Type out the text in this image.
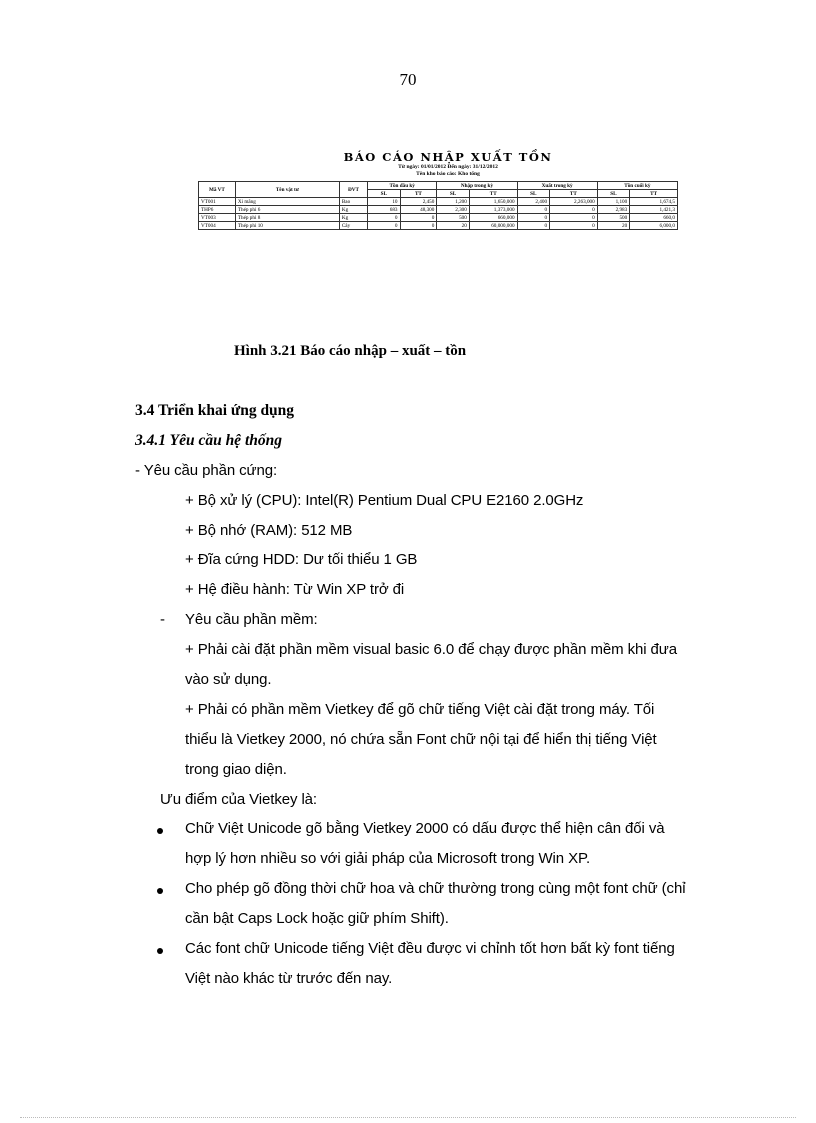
70
BÁO CÁO NHẬP XUẤT TỒN
Từ ngày: 01/01/2012 Đến ngày: 31/12/2012
Tên kho báo cáo: Kho tổng
Mã VT	Tên vật tư	ĐVT	Tồn đầu kỳ		Nhập trong kỳ		Xuất trong kỳ		Tồn cuối kỳ	
			SL	TT	SL	TT	SL	TT	SL	TT
VT001	Xi măng	Bao	10	2,450	1,200	1,650,000	2,400	2,263,000	1,100	1,674,5
THP6	Thép phi 6	Kg	683	48,300	2,300	1,373,000	0	0	2,983	1,421,3
VT003	Thép phi 8	Kg	0	0	500	660,000	0	0	500	660,0
VT004	Thép phi 10	Cây	0	0	20	60,000,000	0	0	20	6,000,0
Hình 3.21 Báo cáo nhập – xuất – tồn
3.4 Triển khai ứng dụng
3.4.1 Yêu cầu hệ thống
- Yêu cầu phần cứng:
+ Bộ xử lý (CPU): Intel(R) Pentium Dual CPU E2160 2.0GHz
+ Bộ nhớ (RAM): 512 MB
+ Đĩa cứng HDD: Dư tối thiểu 1 GB
+ Hệ điều hành: Từ Win XP trở đi
- Yêu cầu phần mềm:
+ Phải cài đặt phần mềm visual basic 6.0 để chạy được phần mềm khi đưa
vào sử dụng.
+ Phải có phần mềm Vietkey để gõ chữ tiếng Việt cài đặt trong máy. Tối
thiểu là Vietkey 2000, nó chứa sẵn Font chữ nội tại để hiển thị tiếng Việt
trong giao diện.
Ưu điểm của Vietkey là:
Chữ Việt Unicode gõ bằng Vietkey 2000 có dấu được thể hiện cân đối và
hợp lý hơn nhiều so với giải pháp của Microsoft trong Win XP.
Cho phép gõ đồng thời chữ hoa và chữ thường trong cùng một font chữ (chỉ
cần bật Caps Lock hoặc giữ phím Shift).
Các font chữ Unicode tiếng Việt đều được vi chỉnh tốt hơn bất kỳ font tiếng
Việt nào khác từ trước đến nay.
